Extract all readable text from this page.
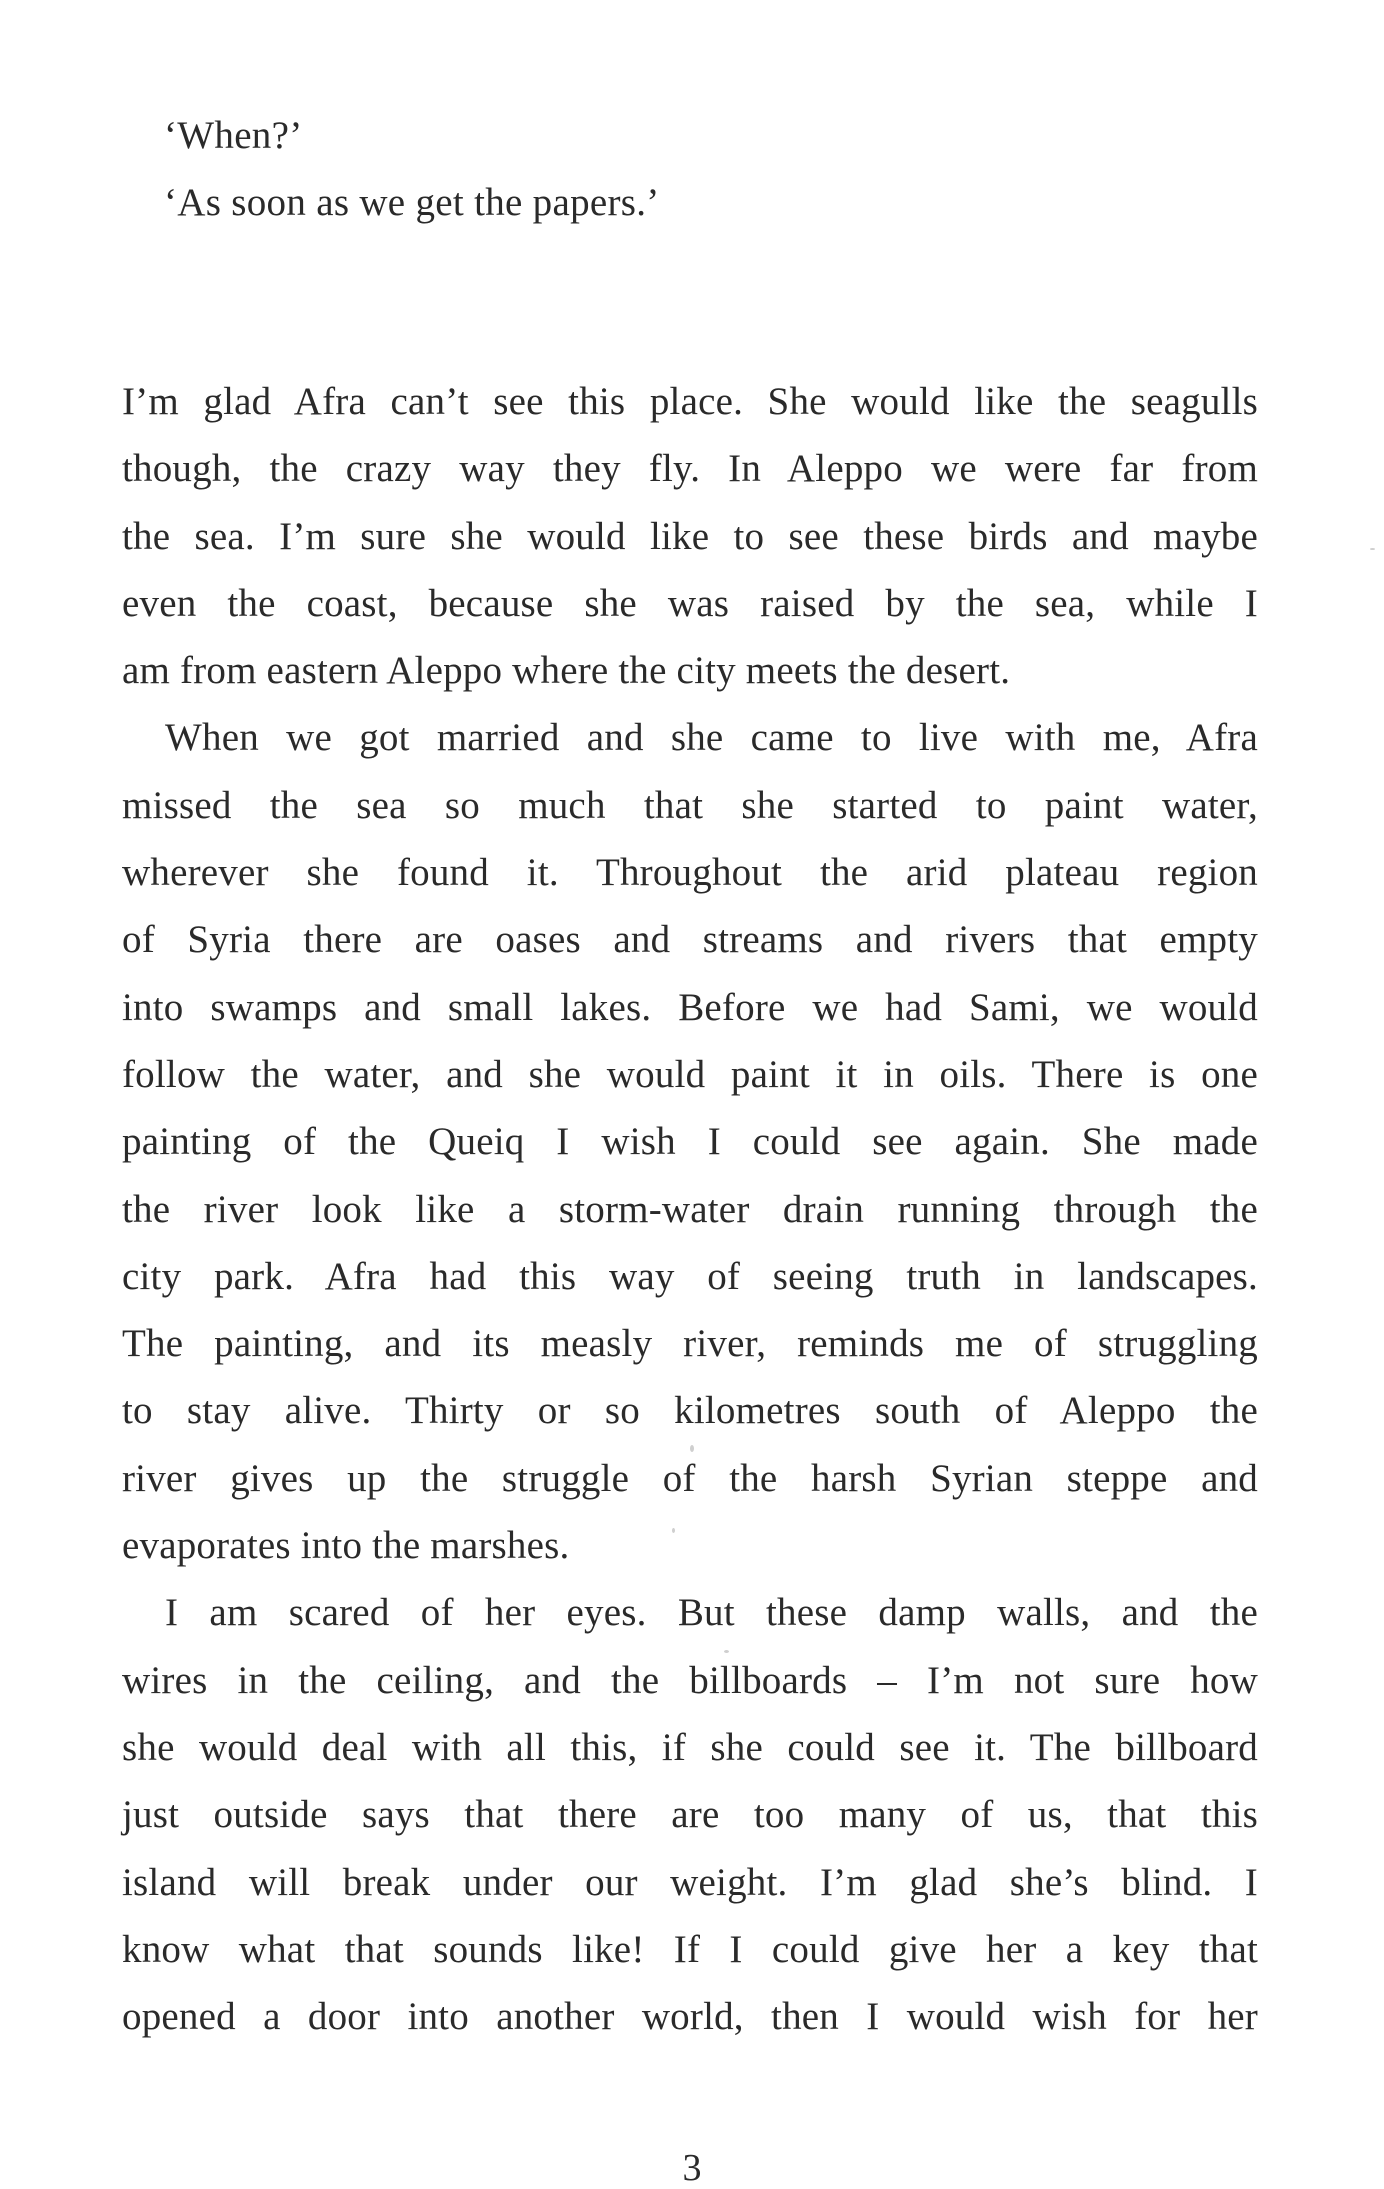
‘When?’

‘As soon as we get the papers.’

I’m glad Afra can’t see this place. She would like the seagulls
though, the crazy way they fly. In Aleppo we were far from
the sea. I’m sure she would like to see these birds and maybe
even the coast, because she was raised by the sea, while I
am from eastern Aleppo where the city meets the desert.
When we got married and she came to live with me, Afra
missed the sea so much that she started to paint water,
wherever she found it. Throughout the arid plateau region
of Syria there are oases and streams and rivers that empty
into swamps and small lakes. Before we had Sami, we would
follow the water, and she would paint it in oils. There is one
painting of the Queiq I wish I could see again. She made
the river look like a storm-water drain running through the
city park. Afra had this way of seeing truth in landscapes.
The painting, and its measly river, reminds me of struggling
to stay alive. Thirty or so kilometres south of Aleppo the
river gives up the struggle of the harsh Syrian steppe and
evaporates into the marshes.
I am scared of her eyes. But these damp walls, and the
wires in the ceiling, and the billboards – I’m not sure how
she would deal with all this, if she could see it. The billboard
just outside says that there are too many of us, that this
island will break under our weight. I’m glad she’s blind. I
know what that sounds like! If I could give her a key that
opened a door into another world, then I would wish for her
3
